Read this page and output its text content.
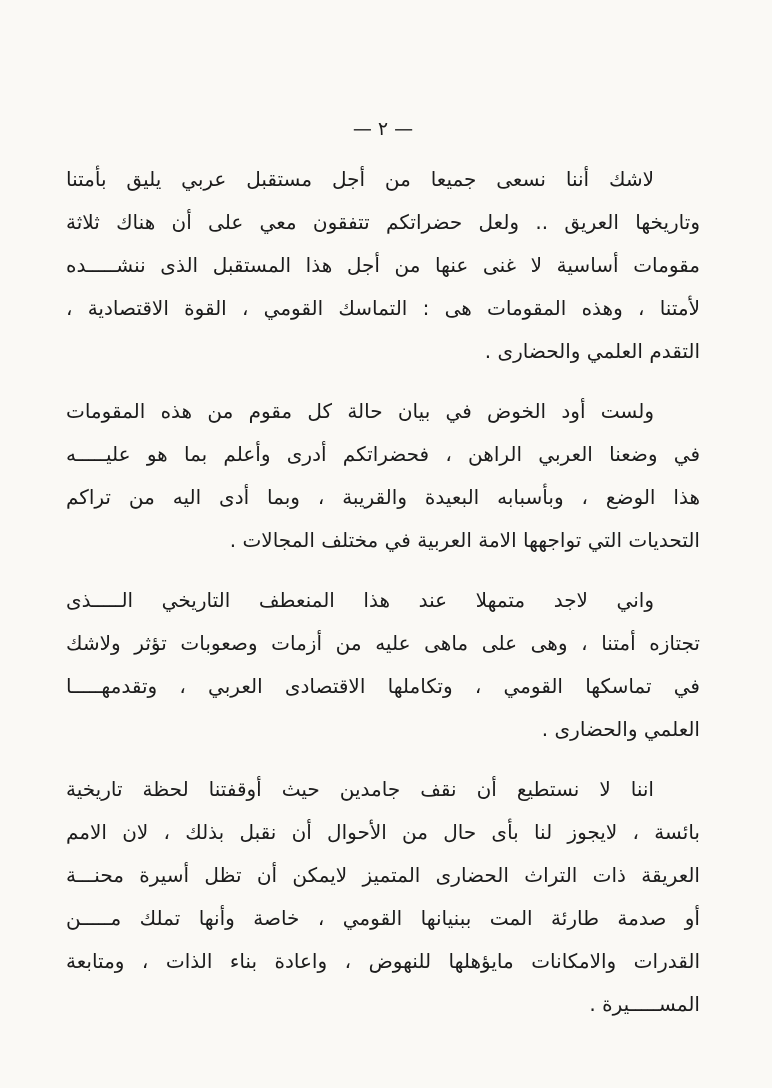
— ٢ —
لاشك أننا نسعى جميعا من أجل مستقبل عربي يليق بأمتنا
وتاريخها العريق .. ولعل حضراتكم تتفقون معي على أن هناك ثلاثة
مقومات أساسية لا غنى عنها من أجل هذا المستقبل الذى ننشـــــده
لأمتنا ، وهذه المقومات هى : التماسك القومي ، القوة الاقتصادية ،
التقدم العلمي والحضارى .
ولست أود الخوض في بيان حالة كل مقوم من هذه المقومات
في وضعنا العربي الراهن ، فحضراتكم أدرى وأعلم بما هو عليـــــه
هذا الوضع ، وبأسبابه البعيدة والقريبة ، وبما أدى اليه من تراكم
التحديات التي تواجهها الامة العربية في مختلف المجالات .
واني لاجد متمهلا عند هذا المنعطف التاريخي الـــــذى
تجتازه أمتنا ، وهى على ماهى عليه من أزمات وصعوبات تؤثر ولاشك
في تماسكها القومي ، وتكاملها الاقتصادى العربي ، وتقدمهـــــا
العلمي والحضارى .
اننا لا نستطيع أن نقف جامدين حيث أوقفتنا لحظة تاريخية
بائسة ، لايجوز لنا بأى حال من الأحوال أن نقبل بذلك ، لان الامم
العريقة ذات التراث الحضارى المتميز لايمكن أن تظل أسيرة محنـــة
أو صدمة طارئة المت ببنيانها القومي ، خاصة وأنها تملك مـــــن
القدرات والامكانات مايؤهلها للنهوض ، واعادة بناء الذات ، ومتابعة
المســـــيرة .
